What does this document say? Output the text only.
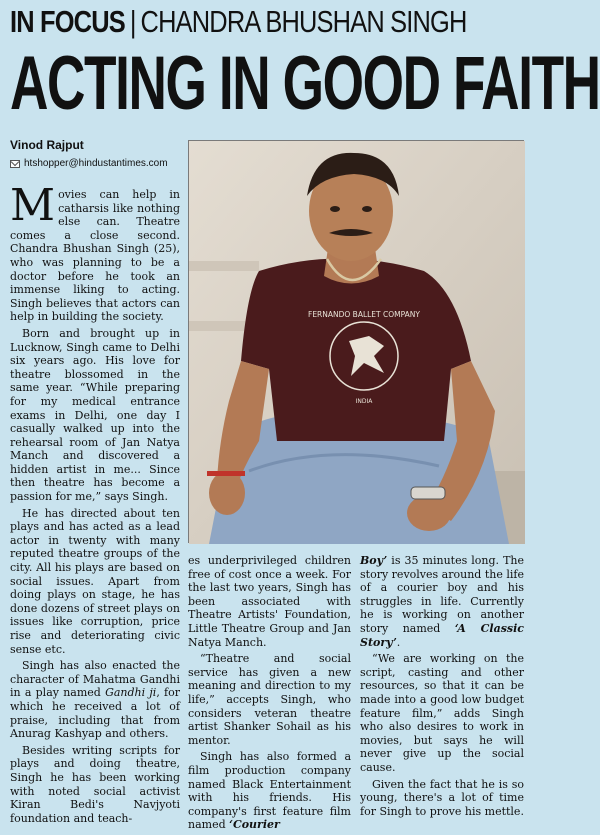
IN FOCUS | CHANDRA BHUSHAN SINGH
ACTING IN GOOD FAITH
Vinod Rajput
htshopper@hindustantimes.com
FERNANDO BALLET COMPANY
INDIA

Movies can help in catharsis like nothing else can. Theatre comes a close second. Chandra Bhushan Singh (25), who was planning to be a doctor before he took an immense liking to acting. Singh believes that actors can help in building the society.

Born and brought up in Lucknow, Singh came to Delhi six years ago. His love for theatre blossomed in the same year. “While preparing for my medical entrance exams in Delhi, one day I casually walked up into the rehearsal room of Jan Natya Manch and discovered a hidden artist in me... Since then theatre has become a passion for me,” says Singh.

He has directed about ten plays and has acted as a lead actor in twenty with many reputed theatre groups of the city. All his plays are based on social issues. Apart from doing plays on stage, he has done dozens of street plays on issues like corruption, price rise and deteriorating civic sense etc.

Singh has also enacted the character of Mahatma Gandhi in a play named Gandhi ji, for which he received a lot of praise, including that from Anurag Kashyap and others.

Besides writing scripts for plays and doing theatre, Singh he has been working with noted social activist Kiran Bedi's Navjyoti foundation and teach-

es underprivileged children free of cost once a week. For the last two years, Singh has been associated with Theatre Artists' Foundation, Little Theatre Group and Jan Natya Manch.

“Theatre and social service has given a new meaning and direction to my life,” accepts Singh, who considers veteran theatre artist Shanker Sohail as his mentor.

Singh has also formed a film production company named Black Entertainment with his friends. His company's first feature film named ‘Courier

Boy’ is 35 minutes long. The story revolves around the life of a courier boy and his struggles in life. Currently he is working on another story named ‘A Classic Story’.

“We are working on the script, casting and other resources, so that it can be made into a good low budget feature film,” adds Singh who also desires to work in movies, but says he will never give up the social cause.

Given the fact that he is so young, there's a lot of time for Singh to prove his mettle.
